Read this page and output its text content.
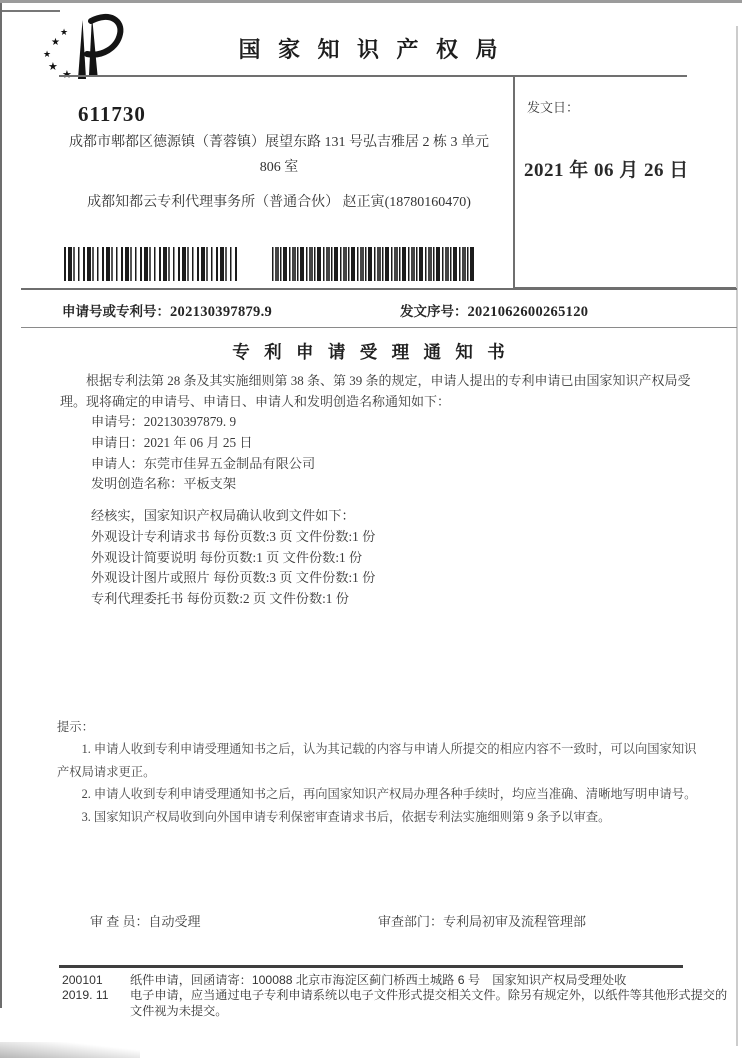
★
★
★
★
国 家 知 识 产 权 局
发文日：
2021 年 06 月 26 日
611730
成都市郫都区德源镇（菁蓉镇）展望东路 131 号弘吉雅居 2 栋 3 单元
806 室
成都知都云专利代理事务所（普通合伙） 赵正寅(18780160470)
申请号或专利号：202130397879.9	发文序号：2021062600265120
专 利 申 请 受 理 通 知 书
根据专利法第 28 条及其实施细则第 38 条、第 39 条的规定，申请人提出的专利申请已由国家知识产权局受理。现将确定的申请号、申请日、申请人和发明创造名称通知如下：
申请号：202130397879. 9
申请日：2021 年 06 月 25 日
申请人：东莞市佳昇五金制品有限公司
发明创造名称：平板支架
经核实，国家知识产权局确认收到文件如下：
外观设计专利请求书 每份页数:3 页 文件份数:1 份
外观设计简要说明 每份页数:1 页 文件份数:1 份
外观设计图片或照片 每份页数:3 页 文件份数:1 份
专利代理委托书 每份页数:2 页 文件份数:1 份

提示：

1. 申请人收到专利申请受理通知书之后，认为其记载的内容与申请人所提交的相应内容不一致时，可以向国家知识产权局请求更正。

2. 申请人收到专利申请受理通知书之后，再向国家知识产权局办理各种手续时，均应当准确、清晰地写明申请号。

3. 国家知识产权局收到向外国申请专利保密审查请求书后，依据专利法实施细则第 9 条予以审查。

审 查 员：自动受理	审查部门：专利局初审及流程管理部
200101
2019. 11
纸件申请，回函请寄：100088 北京市海淀区蓟门桥西土城路 6 号　国家知识产权局受理处收
电子申请，应当通过电子专利申请系统以电子文件形式提交相关文件。除另有规定外，以纸件等其他形式提交的
文件视为未提交。
